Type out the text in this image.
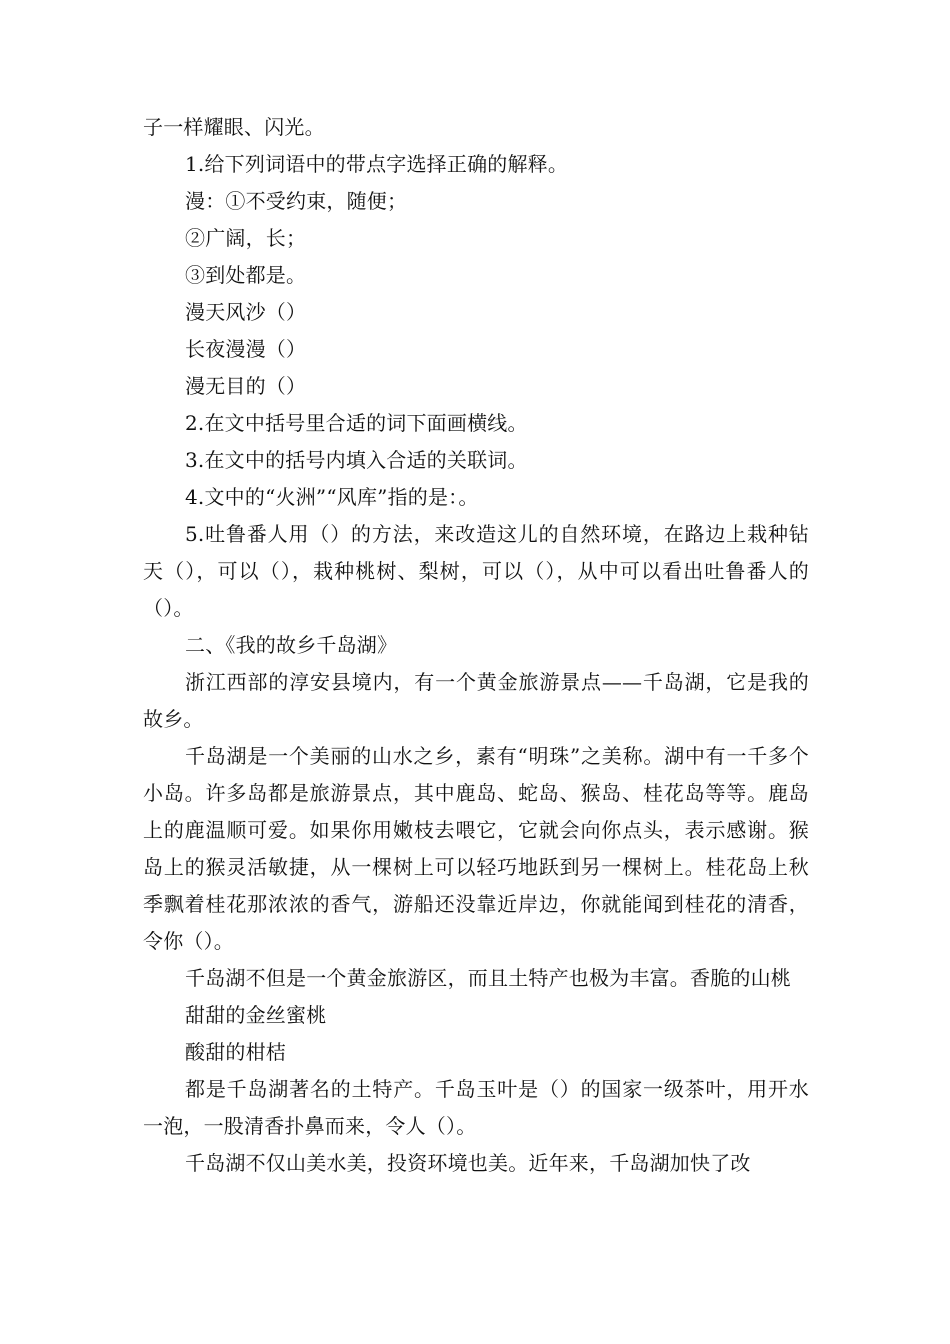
子一样耀眼、闪光。

1.给下列词语中的带点字选择正确的解释。

漫：①不受约束，随便；

②广阔，长；

③到处都是。

漫天风沙（）

长夜漫漫（）

漫无目的（）

2.在文中括号里合适的词下面画横线。

3.在文中的括号内填入合适的关联词。

4.文中的“火洲”“风库”指的是：。

5.吐鲁番人用（）的方法，来改造这儿的自然环境，在路边上栽种钻天（），可以（），栽种桃树、梨树，可以（），从中可以看出吐鲁番人的（）。

二、《我的故乡千岛湖》

浙江西部的淳安县境内，有一个黄金旅游景点——千岛湖，它是我的故乡。

千岛湖是一个美丽的山水之乡，素有“明珠”之美称。湖中有一千多个小岛。许多岛都是旅游景点，其中鹿岛、蛇岛、猴岛、桂花岛等等。鹿岛上的鹿温顺可爱。如果你用嫩枝去喂它，它就会向你点头，表示感谢。猴岛上的猴灵活敏捷，从一棵树上可以轻巧地跃到另一棵树上。桂花岛上秋季飘着桂花那浓浓的香气，游船还没靠近岸边，你就能闻到桂花的清香，令你（）。

千岛湖不但是一个黄金旅游区，而且土特产也极为丰富。香脆的山桃

甜甜的金丝蜜桃

酸甜的柑桔

都是千岛湖著名的土特产。千岛玉叶是（）的国家一级茶叶，用开水一泡，一股清香扑鼻而来，令人（）。

千岛湖不仅山美水美，投资环境也美。近年来，千岛湖加快了改
